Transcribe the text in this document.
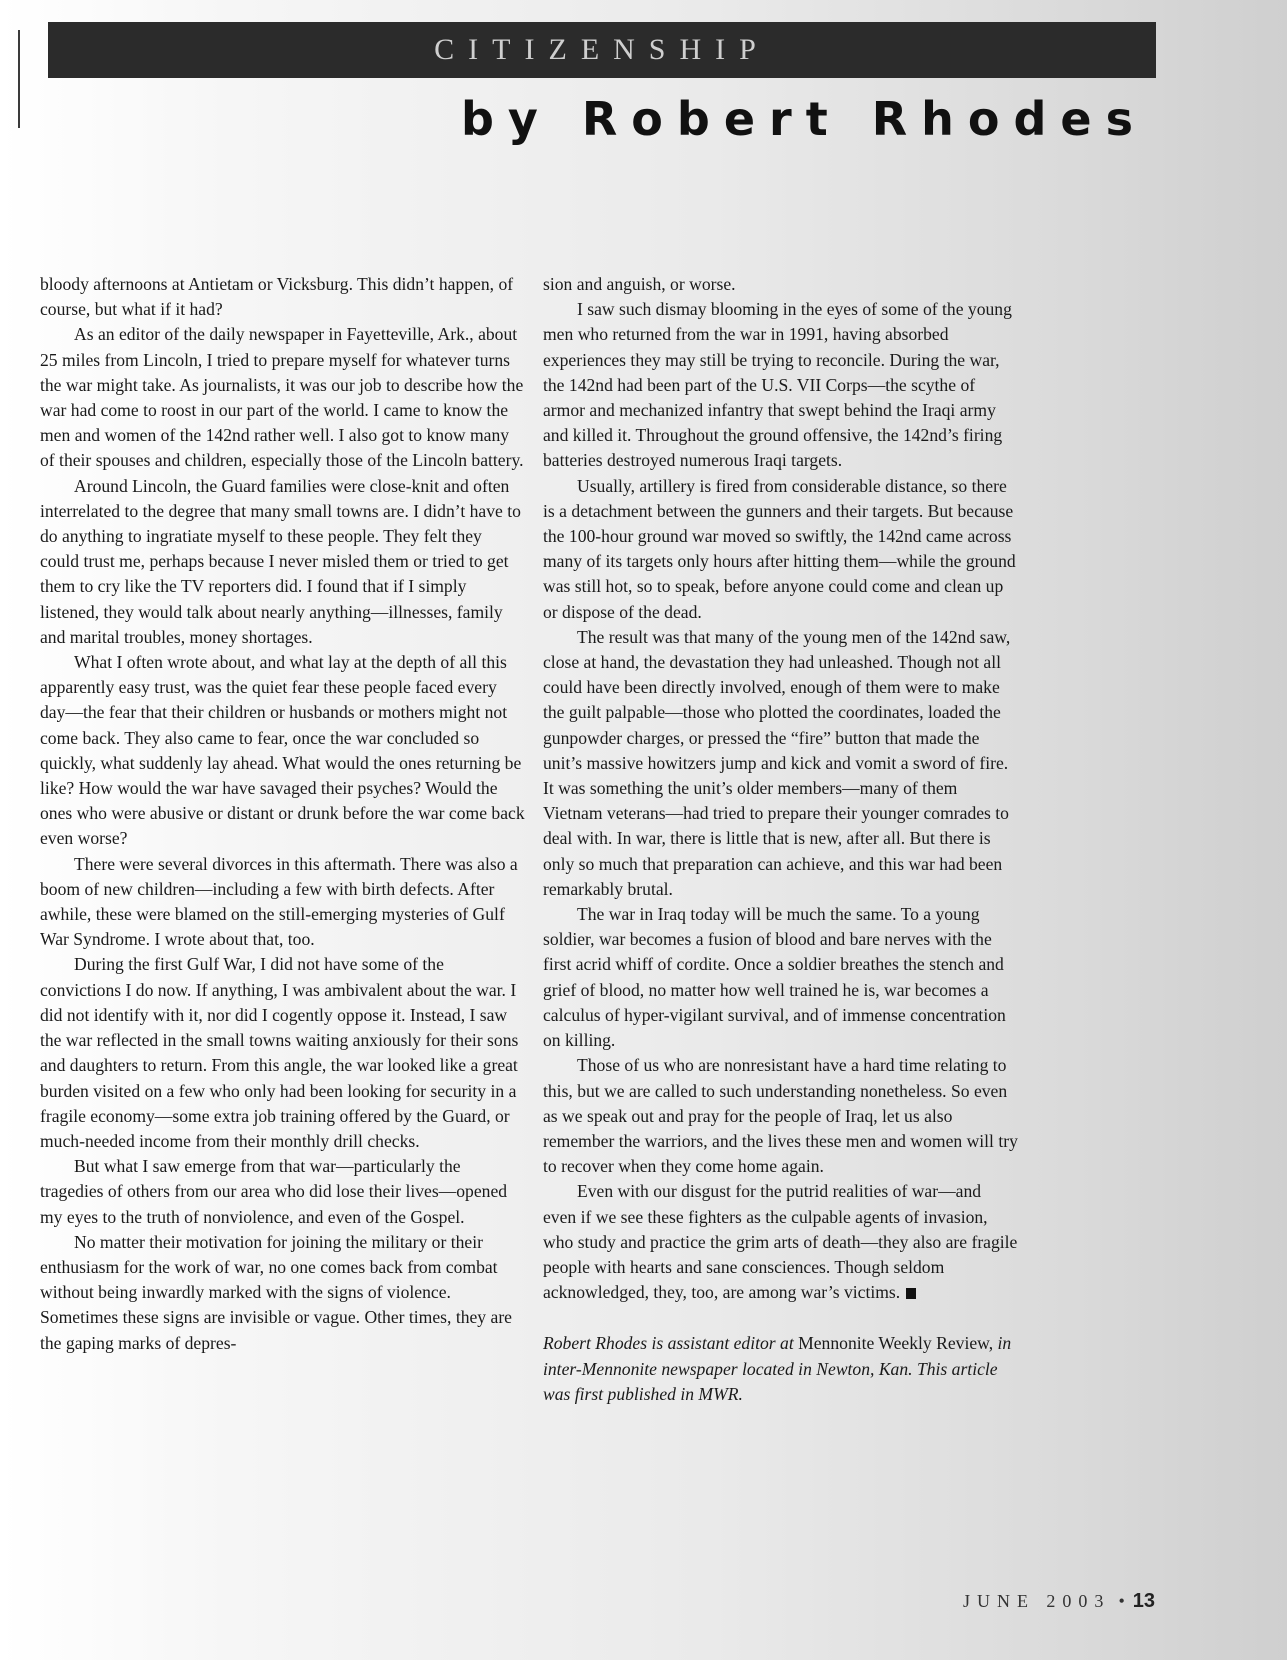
CITIZENSHIP
by Robert Rhodes

bloody afternoons at Antietam or Vicksburg. This didn’t happen, of course, but what if it had?

As an editor of the daily newspaper in Fayetteville, Ark., about 25 miles from Lincoln, I tried to prepare myself for whatever turns the war might take. As journalists, it was our job to describe how the war had come to roost in our part of the world. I came to know the men and women of the 142nd rather well. I also got to know many of their spouses and children, especially those of the Lincoln battery.

Around Lincoln, the Guard families were close-knit and often interrelated to the degree that many small towns are. I didn’t have to do anything to ingratiate myself to these people. They felt they could trust me, perhaps because I never misled them or tried to get them to cry like the TV reporters did. I found that if I simply listened, they would talk about nearly anything—illnesses, family and marital troubles, money shortages.

What I often wrote about, and what lay at the depth of all this apparently easy trust, was the quiet fear these people faced every day—the fear that their children or husbands or mothers might not come back. They also came to fear, once the war concluded so quickly, what suddenly lay ahead. What would the ones returning be like? How would the war have savaged their psyches? Would the ones who were abusive or distant or drunk before the war come back even worse?

There were several divorces in this aftermath. There was also a boom of new children—including a few with birth defects. After awhile, these were blamed on the still-emerging mysteries of Gulf War Syndrome. I wrote about that, too.

During the first Gulf War, I did not have some of the convictions I do now. If anything, I was ambivalent about the war. I did not identify with it, nor did I cogently oppose it. Instead, I saw the war reflected in the small towns waiting anxiously for their sons and daughters to return. From this angle, the war looked like a great burden visited on a few who only had been looking for security in a fragile economy—some extra job training offered by the Guard, or much-needed income from their monthly drill checks.

But what I saw emerge from that war—particularly the tragedies of others from our area who did lose their lives—opened my eyes to the truth of nonviolence, and even of the Gospel.

No matter their motivation for joining the military or their enthusiasm for the work of war, no one comes back from combat without being inwardly marked with the signs of violence. Sometimes these signs are invisible or vague. Other times, they are the gaping marks of depres-

sion and anguish, or worse.

I saw such dismay blooming in the eyes of some of the young men who returned from the war in 1991, having absorbed experiences they may still be trying to reconcile. During the war, the 142nd had been part of the U.S. VII Corps—the scythe of armor and mechanized infantry that swept behind the Iraqi army and killed it. Throughout the ground offensive, the 142nd’s firing batteries destroyed numerous Iraqi targets.

Usually, artillery is fired from considerable distance, so there is a detachment between the gunners and their targets. But because the 100-hour ground war moved so swiftly, the 142nd came across many of its targets only hours after hitting them—while the ground was still hot, so to speak, before anyone could come and clean up or dispose of the dead.

The result was that many of the young men of the 142nd saw, close at hand, the devastation they had unleashed. Though not all could have been directly involved, enough of them were to make the guilt palpable—those who plotted the coordinates, loaded the gunpowder charges, or pressed the “fire” button that made the unit’s massive howitzers jump and kick and vomit a sword of fire. It was something the unit’s older members—many of them Vietnam veterans—had tried to prepare their younger comrades to deal with. In war, there is little that is new, after all. But there is only so much that preparation can achieve, and this war had been remarkably brutal.

The war in Iraq today will be much the same. To a young soldier, war becomes a fusion of blood and bare nerves with the first acrid whiff of cordite. Once a soldier breathes the stench and grief of blood, no matter how well trained he is, war becomes a calculus of hyper-vigilant survival, and of immense concentration on killing.

Those of us who are nonresistant have a hard time relating to this, but we are called to such understanding nonetheless. So even as we speak out and pray for the people of Iraq, let us also remember the warriors, and the lives these men and women will try to recover when they come home again.

Even with our disgust for the putrid realities of war—and even if we see these fighters as the culpable agents of invasion, who study and practice the grim arts of death—they also are fragile people with hearts and sane consciences. Though seldom acknowledged, they, too, are among war’s victims.

Robert Rhodes is assistant editor at Mennonite Weekly Review, in inter-Mennonite newspaper located in Newton, Kan. This article was first published in MWR.

JUNE 2003 • 13
